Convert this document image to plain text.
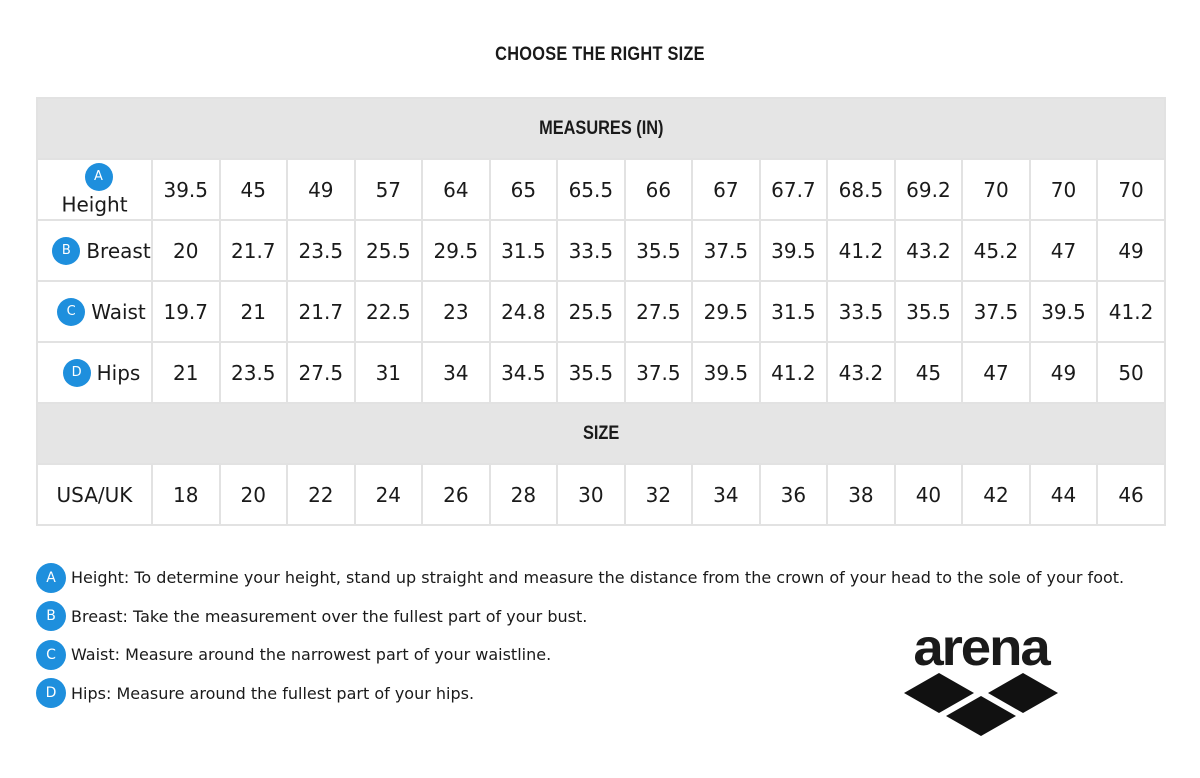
CHOOSE THE RIGHT SIZE
MEASURES (IN)															
AHeight	39.5	45	49	57	64	65	65.5	66	67	67.7	68.5	69.2	70	70	70
B Breast	20	21.7	23.5	25.5	29.5	31.5	33.5	35.5	37.5	39.5	41.2	43.2	45.2	47	49
C Waist	19.7	21	21.7	22.5	23	24.8	25.5	27.5	29.5	31.5	33.5	35.5	37.5	39.5	41.2
D Hips	21	23.5	27.5	31	34	34.5	35.5	37.5	39.5	41.2	43.2	45	47	49	50
SIZE															
USA/UK	18	20	22	24	26	28	30	32	34	36	38	40	42	44	46
A Height: To determine your height, stand up straight and measure the distance from the crown of your head to the sole of your foot.
B Breast: Take the measurement over the fullest part of your bust.
C Waist: Measure around the narrowest part of your waistline.
D Hips: Measure around the fullest part of your hips.
arena
